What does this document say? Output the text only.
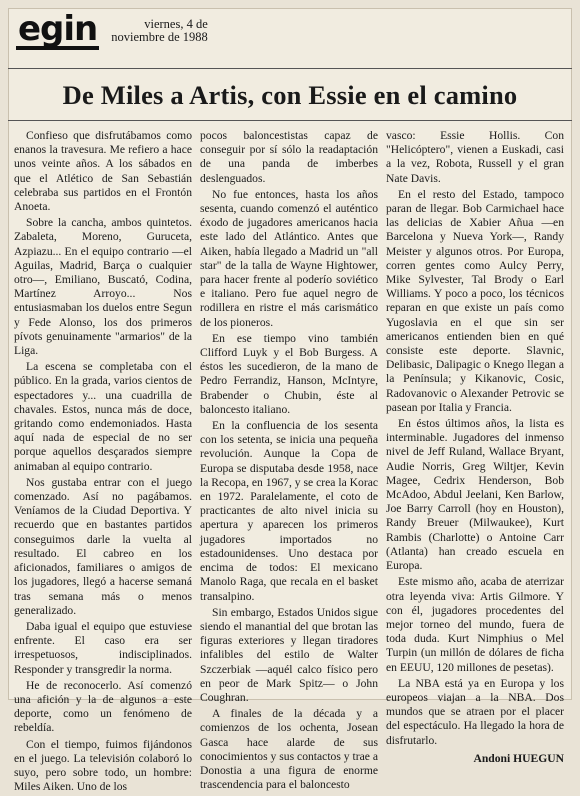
egin	viernes, 4 de
noviembre de 1988
De Miles a Artis, con Essie en el camino

Confieso que disfrutábamos como enanos la travesura. Me refiero a hace unos veinte años. A los sábados en que el Atlético de San Sebastián celebraba sus partidos en el Frontón Anoeta.

Sobre la cancha, ambos quintetos. Zabaleta, Moreno, Guruceta, Azpiazu... En el equipo contrario —el Aguilas, Madrid, Barça o cualquier otro—, Emiliano, Buscató, Codina, Martínez Arroyo... Nos entusiasmaban los duelos entre Segun y Fede Alonso, los dos primeros pívots genuinamente "armarios" de la Liga.

La escena se completaba con el público. En la grada, varios cientos de espectadores y... una cuadrilla de chavales. Estos, nunca más de doce, gritando como endemoniados. Hasta aquí nada de especial de no ser porque aquellos desçarados siempre animaban al equipo contrario.

Nos gustaba entrar con el juego comenzado. Así no pagábamos. Veníamos de la Ciudad Deportiva. Y recuerdo que en bastantes partidos conseguimos darle la vuelta al resultado. El cabreo en los aficionados, familiares o amigos de los jugadores, llegó a hacerse semaná tras semana más o menos generalizado.

Daba igual el equipo que estuviese enfrente. El caso era ser irrespetuosos, indisciplinados. Responder y transgredir la norma.

He de reconocerlo. Así comenzó una afición y la de algunos a este deporte, como un fenómeno de rebeldía.

Con el tiempo, fuimos fijándonos en el juego. La televisión colaboró lo suyo, pero sobre todo, un hombre: Miles Aiken. Uno de los

pocos baloncestistas capaz de conseguir por sí sólo la readaptación de una panda de imberbes deslenguados.

No fue entonces, hasta los años sesenta, cuando comenzó el auténtico éxodo de jugadores americanos hacia este lado del Atlántico. Antes que Aiken, había llegado a Madrid un "all star" de la talla de Wayne Hightower, para hacer frente al poderío soviético e italiano. Pero fue aquel negro de rodillera en ristre el más carismático de los pioneros.

En ese tiempo vino también Clifford Luyk y el Bob Burgess. A éstos les sucedieron, de la mano de Pedro Ferrandiz, Hanson, McIntyre, Brabender o Chubin, éste al baloncesto italiano.

En la confluencia de los sesenta con los setenta, se inicia una pequeña revolución. Aunque la Copa de Europa se disputaba desde 1958, nace la Recopa, en 1967, y se crea la Korac en 1972. Paralelamente, el coto de practicantes de alto nivel inicia su apertura y aparecen los primeros jugadores importados no estadounidenses. Uno destaca por encima de todos: El mexicano Manolo Raga, que recala en el basket transalpino.

Sin embargo, Estados Unidos sigue siendo el manantial del que brotan las figuras exteriores y llegan tiradores infalibles del estilo de Walter Szczerbiak —aquél calco físico pero en peor de Mark Spitz— o John Coughran.

A finales de la década y a comienzos de los ochenta, Josean Gasca hace alarde de sus conocimientos y sus contactos y trae a Donostia a una figura de enorme trascendencia para el baloncesto

vasco: Essie Hollis. Con "Helicóptero", vienen a Euskadi, casi a la vez, Robota, Russell y el gran Nate Davis.

En el resto del Estado, tampoco paran de llegar. Bob Carmichael hace las delicias de Xabier Añua —en Barcelona y Nueva York—, Randy Meister y algunos otros. Por Europa, corren gentes como Aulcy Perry, Mike Sylvester, Tal Brody o Earl Williams. Y poco a poco, los técnicos reparan en que existe un país como Yugoslavia en el que sin ser americanos entienden bien en qué consiste este deporte. Slavnic, Delibasic, Dalipagic o Knego llegan a la Península; y Kikanovic, Cosic, Radovanovic o Alexander Petrovic se pasean por Italia y Francia.

En éstos últimos años, la lista es interminable. Jugadores del inmenso nivel de Jeff Ruland, Wallace Bryant, Audie Norris, Greg Wiltjer, Kevin Magee, Cedrix Henderson, Bob McAdoo, Abdul Jeelani, Ken Barlow, Joe Barry Carroll (hoy en Houston), Randy Breuer (Milwaukee), Kurt Rambis (Charlotte) o Antoine Carr (Atlanta) han creado escuela en Europa.

Este mismo año, acaba de aterrizar otra leyenda viva: Artis Gilmore. Y con él, jugadores procedentes del mejor torneo del mundo, fuera de toda duda. Kurt Nimphius o Mel Turpin (un millón de dólares de ficha en EEUU, 120 millones de pesetas).

La NBA está ya en Europa y los europeos viajan a la NBA. Dos mundos que se atraen por el placer del espectáculo. Ha llegado la hora de disfrutarlo.

Andoni HUEGUN
